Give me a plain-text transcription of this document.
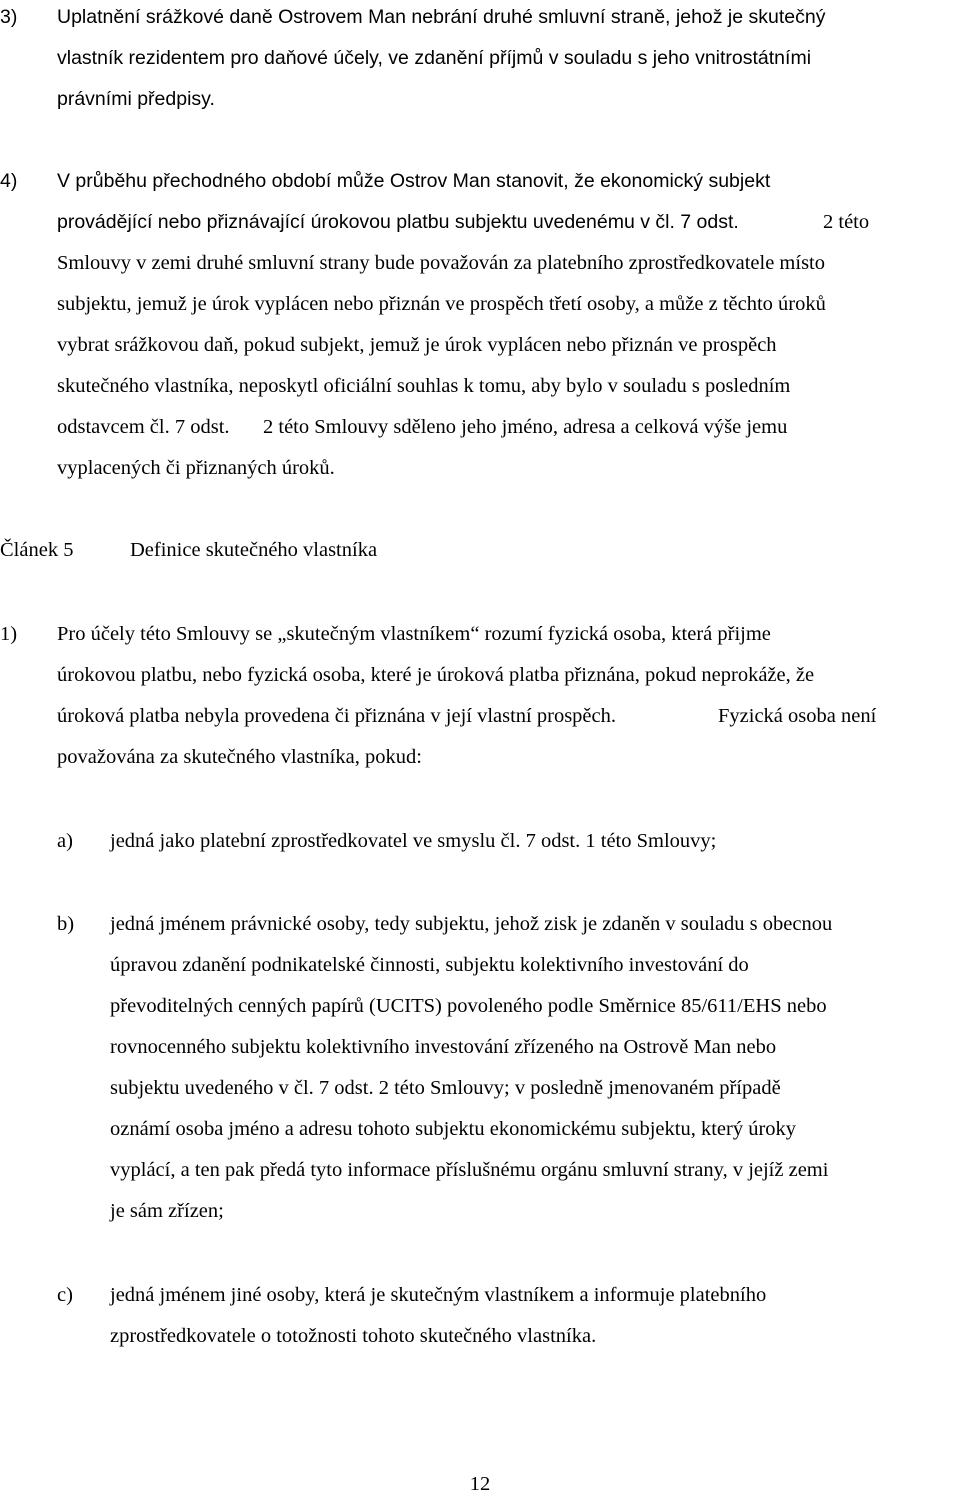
3) Uplatnění srážkové daně Ostrovem Man nebrání druhé smluvní straně, jehož je skutečný
vlastník rezidentem pro daňové účely, ve zdanění příjmů v souladu s jeho vnitrostátními
právními předpisy.
4) V průběhu přechodného období může Ostrov Man stanovit, že ekonomický subjekt
provádějící nebo přiznávající úrokovou platbu subjektu uvedenému v čl. 7 odst.	2 této
Smlouvy v zemi druhé smluvní strany bude považován za platebního zprostředkovatele místo
subjektu, jemuž je úrok vyplácen nebo přiznán ve prospěch třetí osoby, a může z těchto úroků
vybrat srážkovou daň, pokud subjekt, jemuž je úrok vyplácen nebo přiznán ve prospěch
skutečného vlastníka, neposkytl oficiální souhlas k tomu, aby bylo v souladu s posledním
odstavcem čl. 7 odst. 2 této Smlouvy sděleno jeho jméno, adresa a celková výše jemu
vyplacených či přiznaných úroků.
Článek 5	Definice skutečného vlastníka
1) Pro účely této Smlouvy se „skutečným vlastníkem“ rozumí fyzická osoba, která přijme
úrokovou platbu, nebo fyzická osoba, které je úroková platba přiznána, pokud neprokáže, že
úroková platba nebyla provedena či přiznána v její vlastní prospěch.	Fyzická osoba není
považována za skutečného vlastníka, pokud:
a) jedná jako platební zprostředkovatel ve smyslu čl. 7 odst. 1 této Smlouvy;
b) jedná jménem právnické osoby, tedy subjektu, jehož zisk je zdaněn v souladu s obecnou
úpravou zdanění podnikatelské činnosti, subjektu kolektivního investování do
převoditelných cenných papírů (UCITS) povoleného podle Směrnice 85/611/EHS nebo
rovnocenného subjektu kolektivního investování zřízeného na Ostrově Man nebo
subjektu uvedeného v čl. 7 odst. 2 této Smlouvy; v posledně jmenovaném případě
oznámí osoba jméno a adresu tohoto subjektu ekonomickému subjektu, který úroky
vyplácí, a ten pak předá tyto informace příslušnému orgánu smluvní strany, v jejíž zemi
je sám zřízen;
c) jedná jménem jiné osoby, která je skutečným vlastníkem a informuje platebního
zprostředkovatele o totožnosti tohoto skutečného vlastníka.
12
